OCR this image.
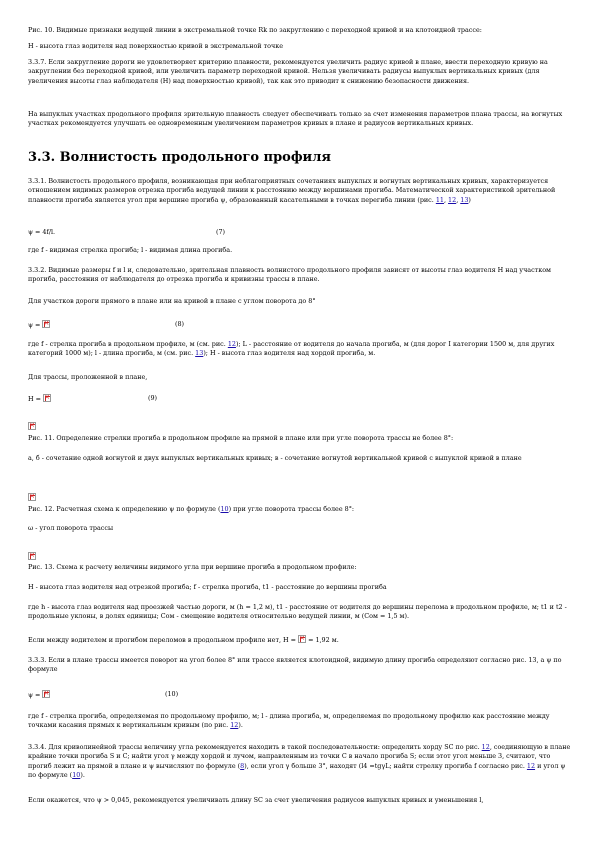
Рис. 10. Видимые признаки ведущей линии в экстремальной точке Rk по закруглению с переходной кривой и на клотоидной трассе:

H - высота глаз водителя над поверхностью кривой в экстремальной точке

3.3.7. Если закругление дороги не удовлетворяет критерию плавности, рекомендуется увеличить радиус кривой в плане, ввести переходную кривую на закруглении без переходной кривой, или увеличить параметр переходной кривой. Нельзя увеличивать радиусы выпуклых вертикальных кривых (для увеличения высоты глаз наблюдателя (H) над поверхностью кривой), так как это приводит к снижению безопасности движения.

На выпуклых участках продольного профиля зрительную плавность следует обеспечивать только за счет изменения параметров плана трассы, на вогнутых участках рекомендуется улучшать ее одновременным увеличением параметров кривых в плане и радиусов вертикальных кривых.

3.3. Волнистость продольного профиля

3.3.1. Волнистость продольного профиля, возникающая при неблагоприятных сочетаниях выпуклых и вогнутых вертикальных кривых, характеризуется отношением видимых размеров отрезка прогиба ведущей линии к расстоянию между вершинами прогиба. Математической характеристикой зрительной плавности прогиба является угол при вершине прогиба ψ, образованный касательными в точках перегиба линии (рис. 11, 12, 13)

ψ = 4f/l.	(7)

где f - видимая стрелка прогиба; l - видимая длина прогиба.

3.3.2. Видимые размеры f и l и, следовательно, зрительная плавность волнистого продольного профиля зависят от высоты глаз водителя H над участком прогиба, расстояния от наблюдателя до отрезка прогиба и кривизны трассы в плане.

Для участков дороги прямого в плане или на кривой в плане с углом поворота до 8°

ψ = ×	(8)

где f - стрелка прогиба в продольном профиле, м (см. рис. 12); L - расстояние от водителя до начала прогиба, м (для дорог I категории 1500 м, для других категорий 1000 м); l - длина прогиба, м (см. рис. 13); H - высота глаз водителя над хордой прогиба, м.

Для трассы, проложенной в плане,

H = ×	(9)

×

Рис. 11. Определение стрелки прогиба в продольном профиле на прямой в плане или при угле поворота трассы не более 8°:

a, б - сочетание одной вогнутой и двух выпуклых вертикальных кривых; в - сочетание вогнутой вертикальной кривой с выпуклой кривой в плане

×

Рис. 12. Расчетная схема к определению ψ по формуле (10) при угле поворота трассы более 8°:

ω - угол поворота трассы

×

Рис. 13. Схема к расчету величины видимого угла при вершине прогиба в продольном профиле:

H - высота глаз водителя над отрезкой прогиба; f - стрелка прогиба, t1 - расстояние до вершины прогиба

где h - высота глаз водителя над проезжей частью дороги, м (h = 1,2 м), t1 - расстояние от водителя до вершины перелома в продольном профиле, м; t1 и t2 - продольные уклоны, в долях единицы; Сом - смещение водителя относительно ведущей линии, м (Сом = 1,5 м).

Если между водителем и прогибом переломов в продольном профиле нет, H = × = 1,92 м.

3.3.3. Если в плане трассы имеется поворот на угол более 8° или трассе является клотоидной, видимую длину прогиба определяют согласно рис. 13, а ψ по формуле

ψ = ×	(10)

где f - стрелка прогиба, определяемая по продольному профилю, м; l - длина прогиба, м, определяемая по продольному профилю как расстояние между точками касания прямых к вертикальным кривым (по рис. 12).

3.3.4. Для криволинейной трассы величину угла рекомендуется находить в такой последовательности: определить хорду SC по рис. 12, соединяющую в плане крайние точки прогиба S и C; найти угол γ между хордой и лучом, направленным из точки C в начало прогиба S; если этот угол меньше 3, считают, что прогиб лежит на прямой в плане и ψ вычисляют по формуле (8), если угол γ больше 3°, находят (l4 =tgγL; найти стрелку прогиба f согласно рис. 12 и угол ψ по формуле (10).

Если окажется, что ψ > 0,045, рекомендуется увеличивать длину SC за счет увеличения радиусов выпуклых кривых и уменьшения l,
